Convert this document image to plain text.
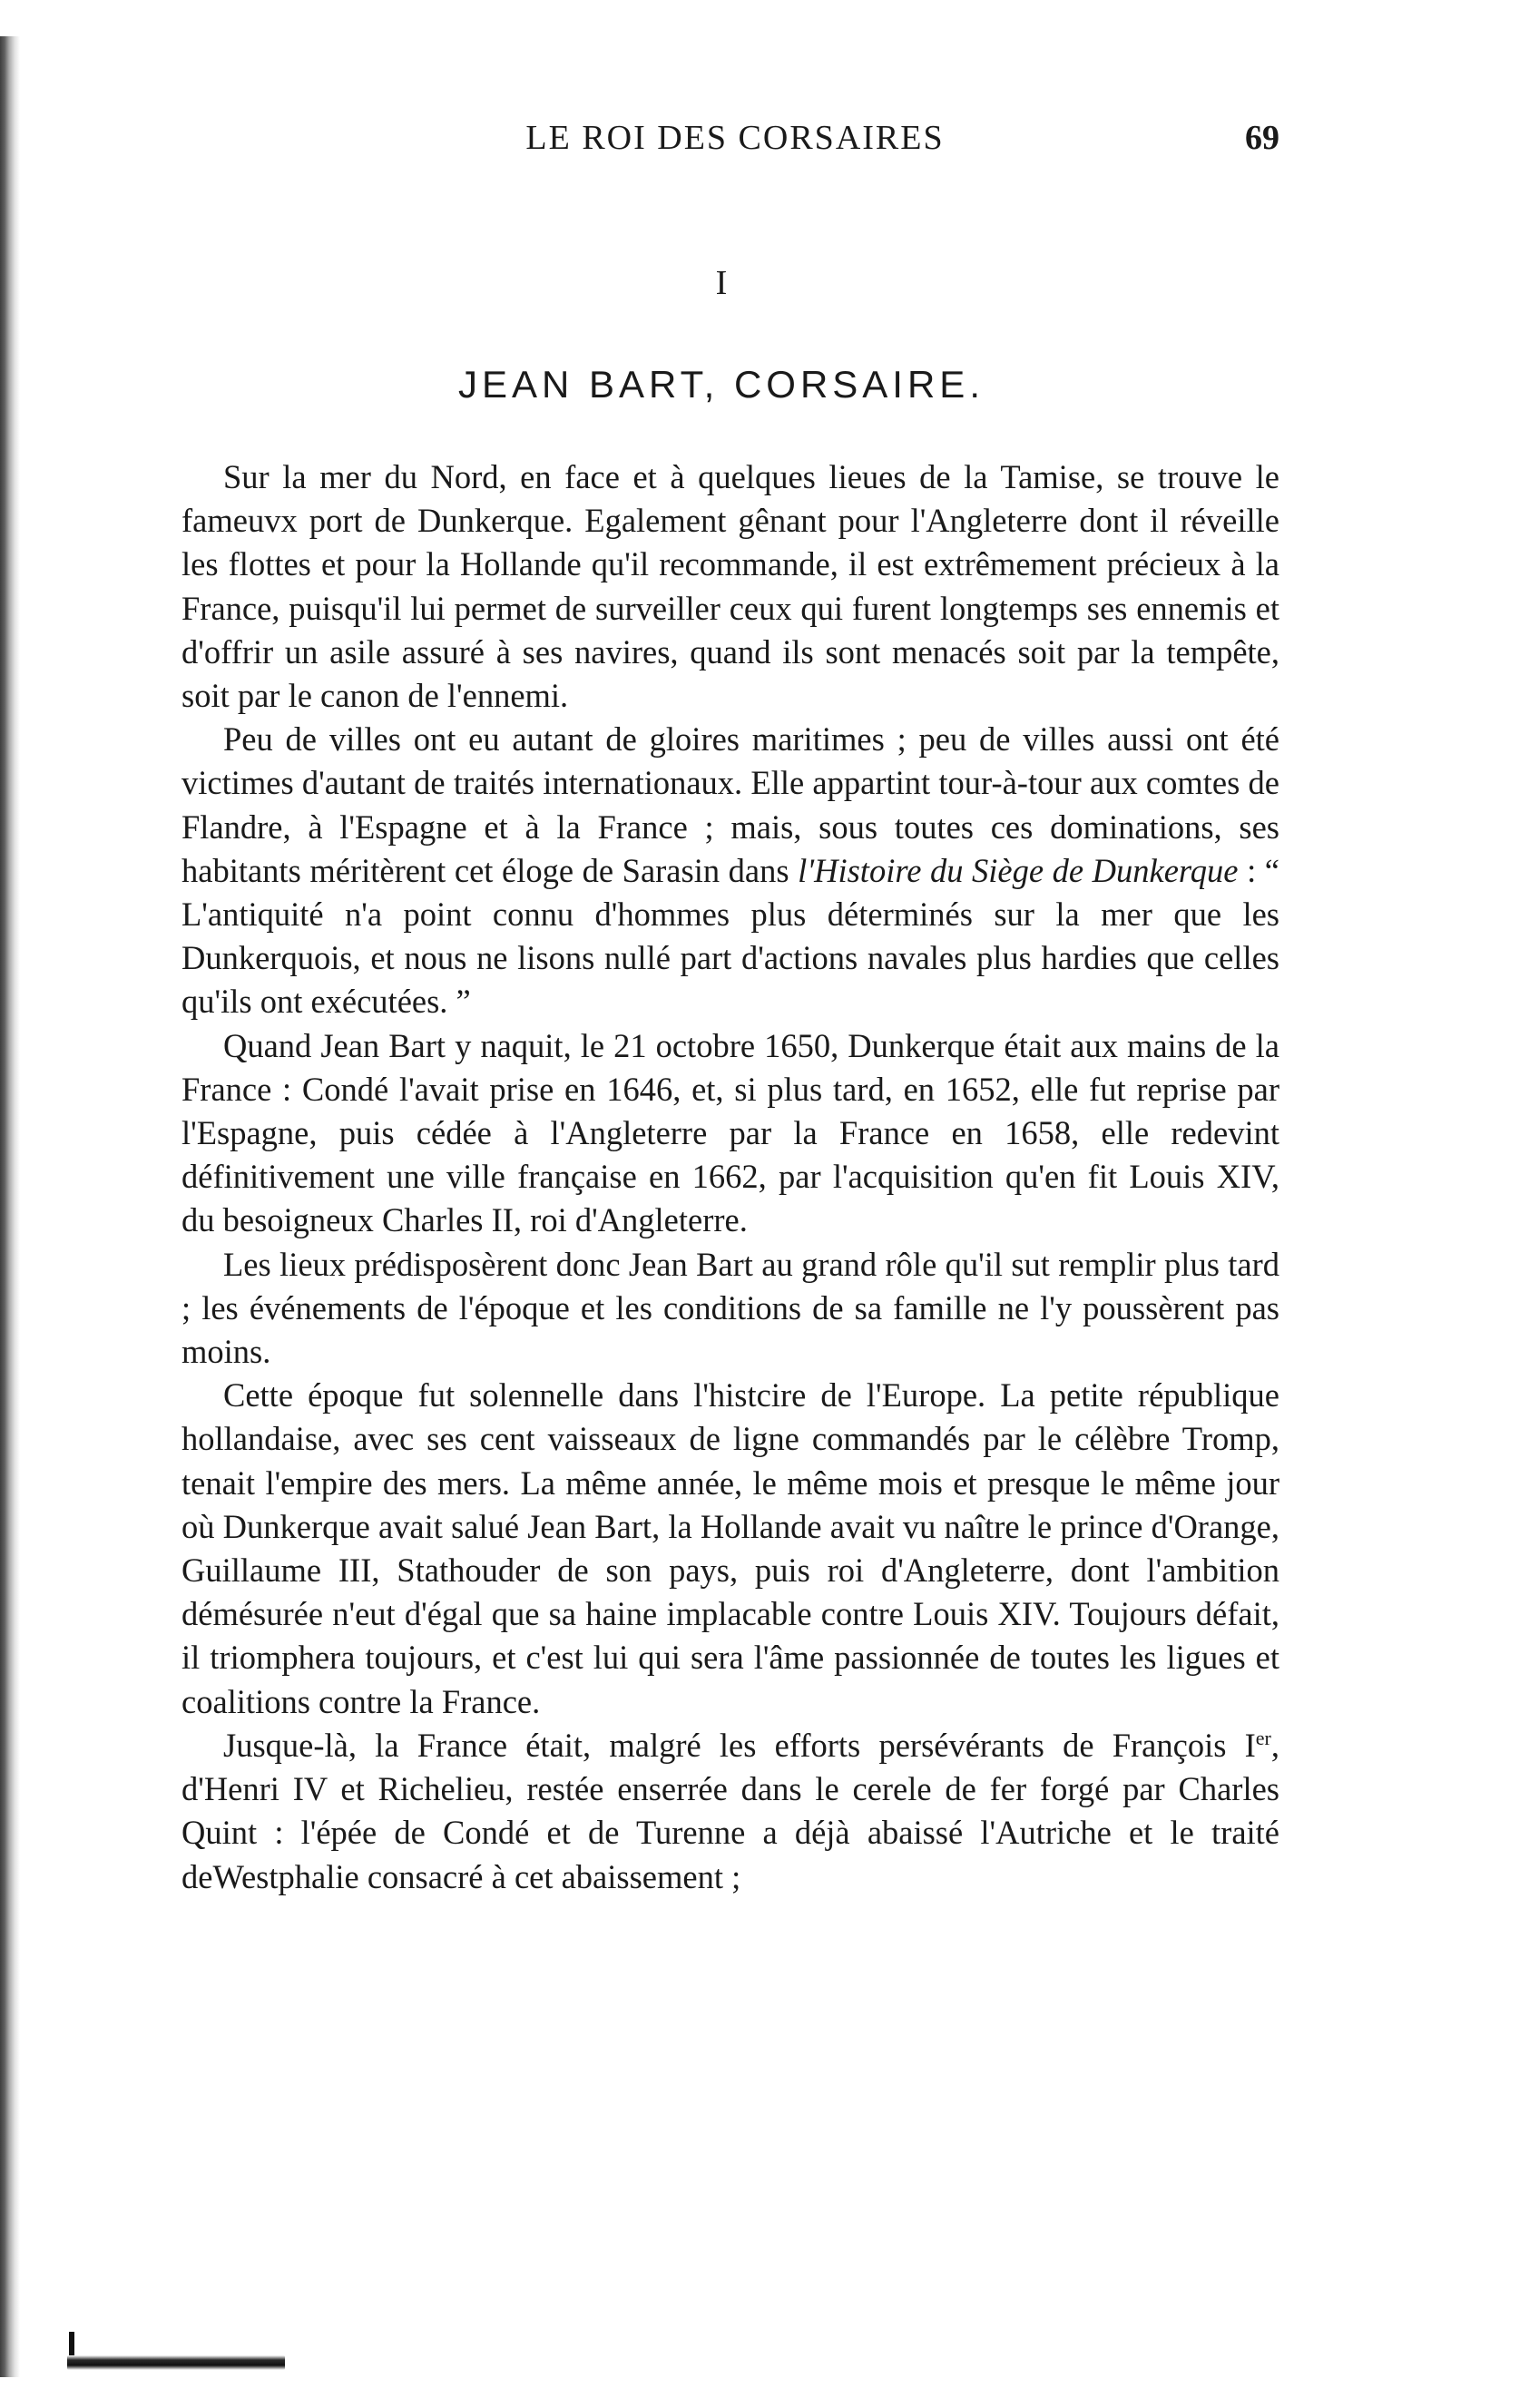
LE ROI DES CORSAIRES	69
I
JEAN BART, CORSAIRE.

Sur la mer du Nord, en face et à quelques lieues de la Tamise, se trouve le fameuvx port de Dunkerque. Egalement gênant pour l'Angleterre dont il réveille les flottes et pour la Hollande qu'il recommande, il est extrêmement précieux à la France, puisqu'il lui permet de surveiller ceux qui furent longtemps ses ennemis et d'offrir un asile assuré à ses navires, quand ils sont menacés soit par la tempête, soit par le canon de l'ennemi.

Peu de villes ont eu autant de gloires maritimes ; peu de villes aussi ont été victimes d'autant de traités internationaux. Elle appartint tour-à-tour aux comtes de Flandre, à l'Espagne et à la France ; mais, sous toutes ces dominations, ses habitants méritèrent cet éloge de Sarasin dans l'Histoire du Siège de Dunkerque : “ L'antiquité n'a point connu d'hommes plus déterminés sur la mer que les Dunkerquois, et nous ne lisons nullé part d'actions navales plus hardies que celles qu'ils ont exécutées. ”

Quand Jean Bart y naquit, le 21 octobre 1650, Dunkerque était aux mains de la France : Condé l'avait prise en 1646, et, si plus tard, en 1652, elle fut reprise par l'Espagne, puis cédée à l'Angleterre par la France en 1658, elle redevint définitivement une ville française en 1662, par l'acquisition qu'en fit Louis XIV, du besoigneux Charles II, roi d'Angleterre.

Les lieux prédisposèrent donc Jean Bart au grand rôle qu'il sut remplir plus tard ; les événements de l'époque et les conditions de sa famille ne l'y poussèrent pas moins.

Cette époque fut solennelle dans l'histcire de l'Europe. La petite république hollandaise, avec ses cent vaisseaux de ligne commandés par le célèbre Tromp, tenait l'empire des mers. La même année, le même mois et presque le même jour où Dunkerque avait salué Jean Bart, la Hollande avait vu naître le prince d'Orange, Guillaume III, Stathouder de son pays, puis roi d'Angleterre, dont l'ambition démésurée n'eut d'égal que sa haine implacable contre Louis XIV. Toujours défait, il triomphera toujours, et c'est lui qui sera l'âme passionnée de toutes les ligues et coalitions contre la France.

Jusque-là, la France était, malgré les efforts persévérants de François Ier, d'Henri IV et Richelieu, restée enserrée dans le cerele de fer forgé par Charles Quint : l'épée de Condé et de Turenne a déjà abaissé l'Autriche et le traité deWestphalie consacré à cet abaissement ;
